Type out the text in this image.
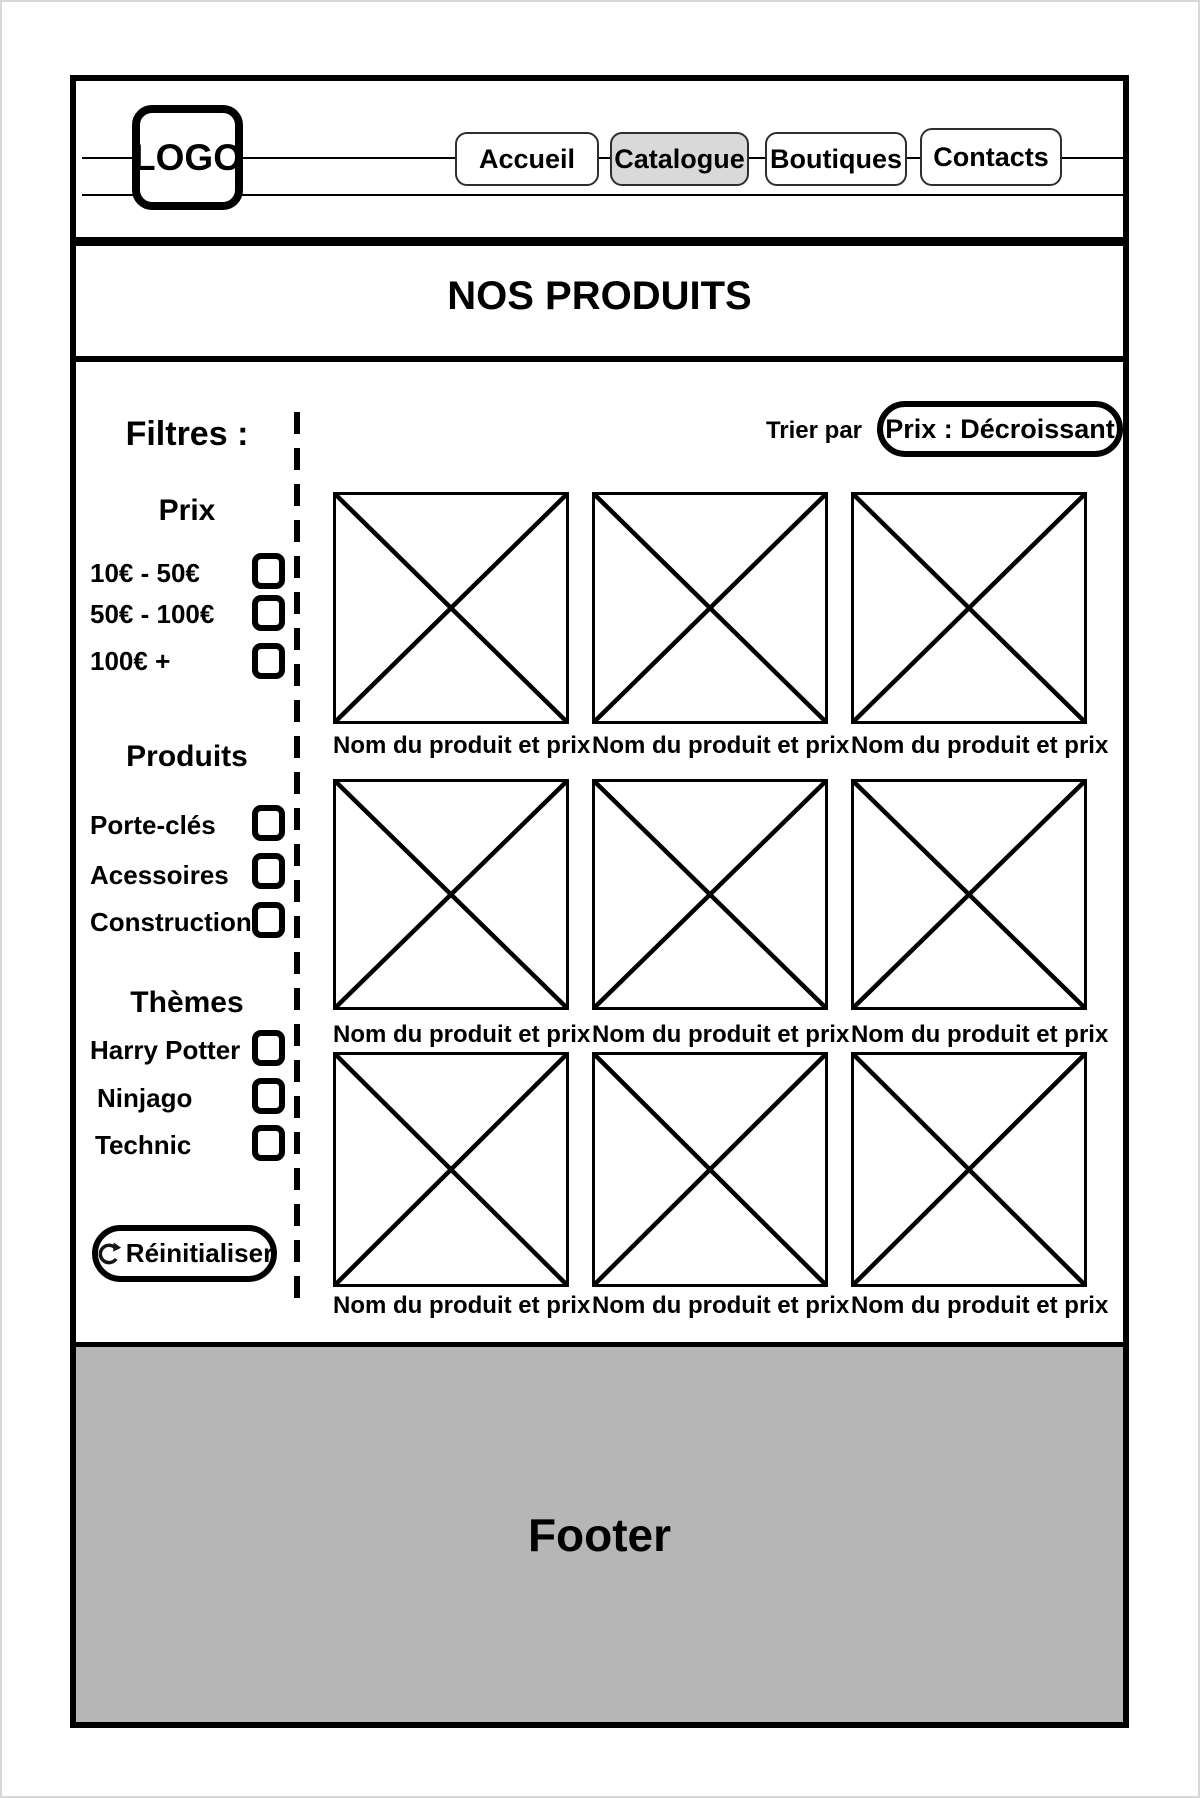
LOGO	Accueil Catalogue Boutiques Contacts
NOS PRODUITS
Trier par Prix : Décroissant
Filtres :
Prix
10€ - 50€
50€ - 100€
100€ +
Produits
Porte-clés
Acessoires
Construction
Thèmes
Harry Potter
Ninjago
Technic
Réinitialiser
Nom du produit et prix Nom du produit et prix Nom du produit et prix
Nom du produit et prix Nom du produit et prix Nom du produit et prix
Nom du produit et prix Nom du produit et prix Nom du produit et prix
Footer
